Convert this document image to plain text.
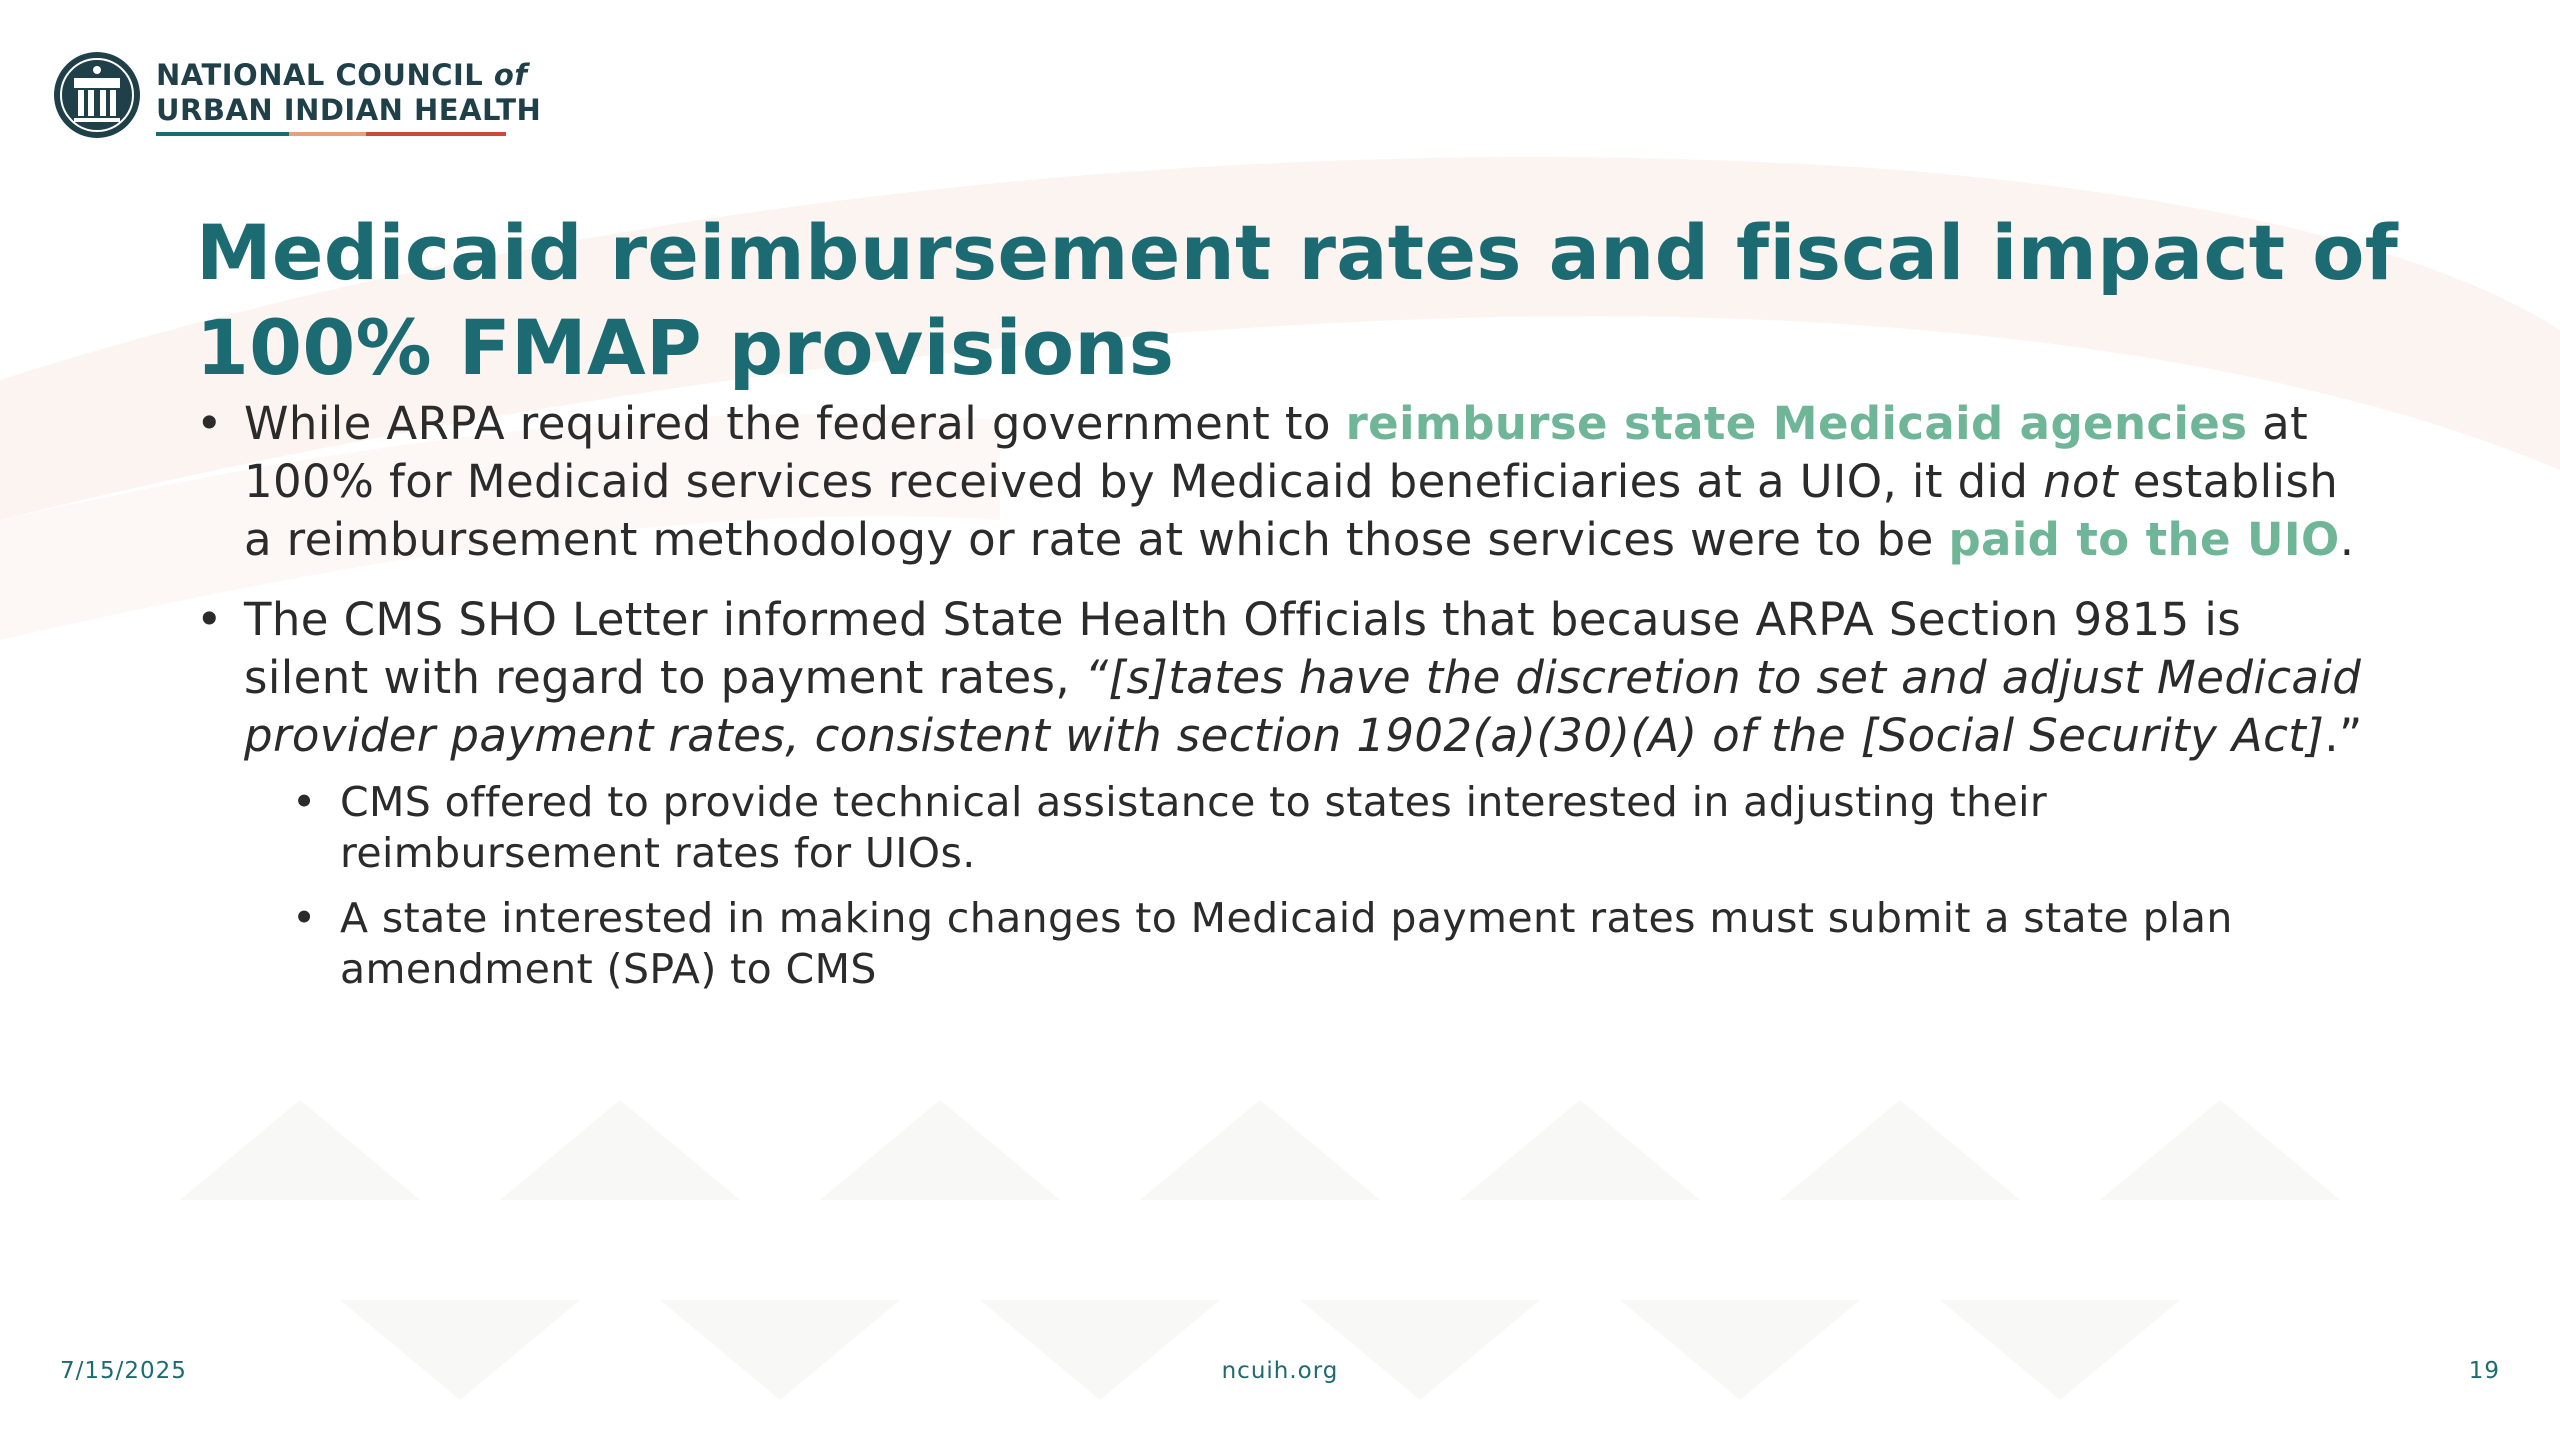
NATIONAL COUNCIL of
URBAN INDIAN HEALTH
Medicaid reimbursement rates and fiscal impact of
100% FMAP provisions
• While ARPA required the federal government to reimburse state Medicaid agencies at 100% for Medicaid services received by Medicaid beneficiaries at a UIO, it did not establish a reimbursement methodology or rate at which those services were to be paid to the UIO.
• The CMS SHO Letter informed State Health Officials that because ARPA Section 9815 is silent with regard to payment rates, “[s]tates have the discretion to set and adjust Medicaid provider payment rates, consistent with section 1902(a)(30)(A) of the [Social Security Act].”
• CMS offered to provide technical assistance to states interested in adjusting their reimbursement rates for UIOs.
• A state interested in making changes to Medicaid payment rates must submit a state plan amendment (SPA) to CMS
7/15/2025	ncuih.org	19
